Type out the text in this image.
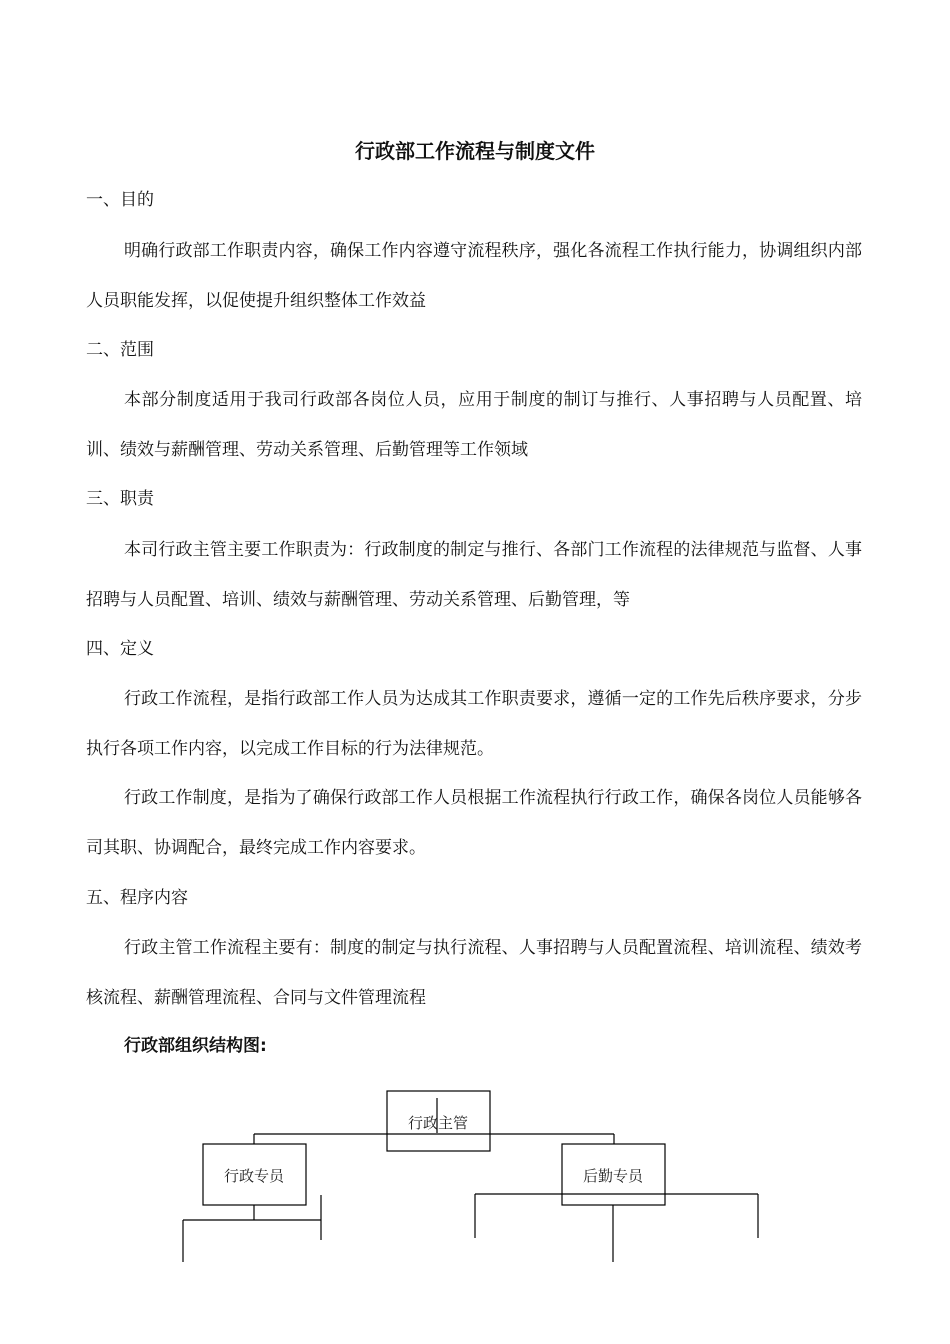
行政部工作流程与制度文件

一、目的

明确行政部工作职责内容，确保工作内容遵守流程秩序，强化各流程工作执行能力，协调组织内部人员职能发挥，以促使提升组织整体工作效益

二、范围

本部分制度适用于我司行政部各岗位人员，应用于制度的制订与推行、人事招聘与人员配置、培训、绩效与薪酬管理、劳动关系管理、后勤管理等工作领域

三、职责

本司行政主管主要工作职责为：行政制度的制定与推行、各部门工作流程的法律规范与监督、人事招聘与人员配置、培训、绩效与薪酬管理、劳动关系管理、后勤管理，等

四、定义

行政工作流程，是指行政部工作人员为达成其工作职责要求，遵循一定的工作先后秩序要求，分步执行各项工作内容，以完成工作目标的行为法律规范。

行政工作制度，是指为了确保行政部工作人员根据工作流程执行行政工作，确保各岗位人员能够各司其职、协调配合，最终完成工作内容要求。

五、程序内容

行政主管工作流程主要有：制度的制定与执行流程、人事招聘与人员配置流程、培训流程、绩效考核流程、薪酬管理流程、合同与文件管理流程

行政部组织结构图:

行政主管
行政专员	后勤专员
